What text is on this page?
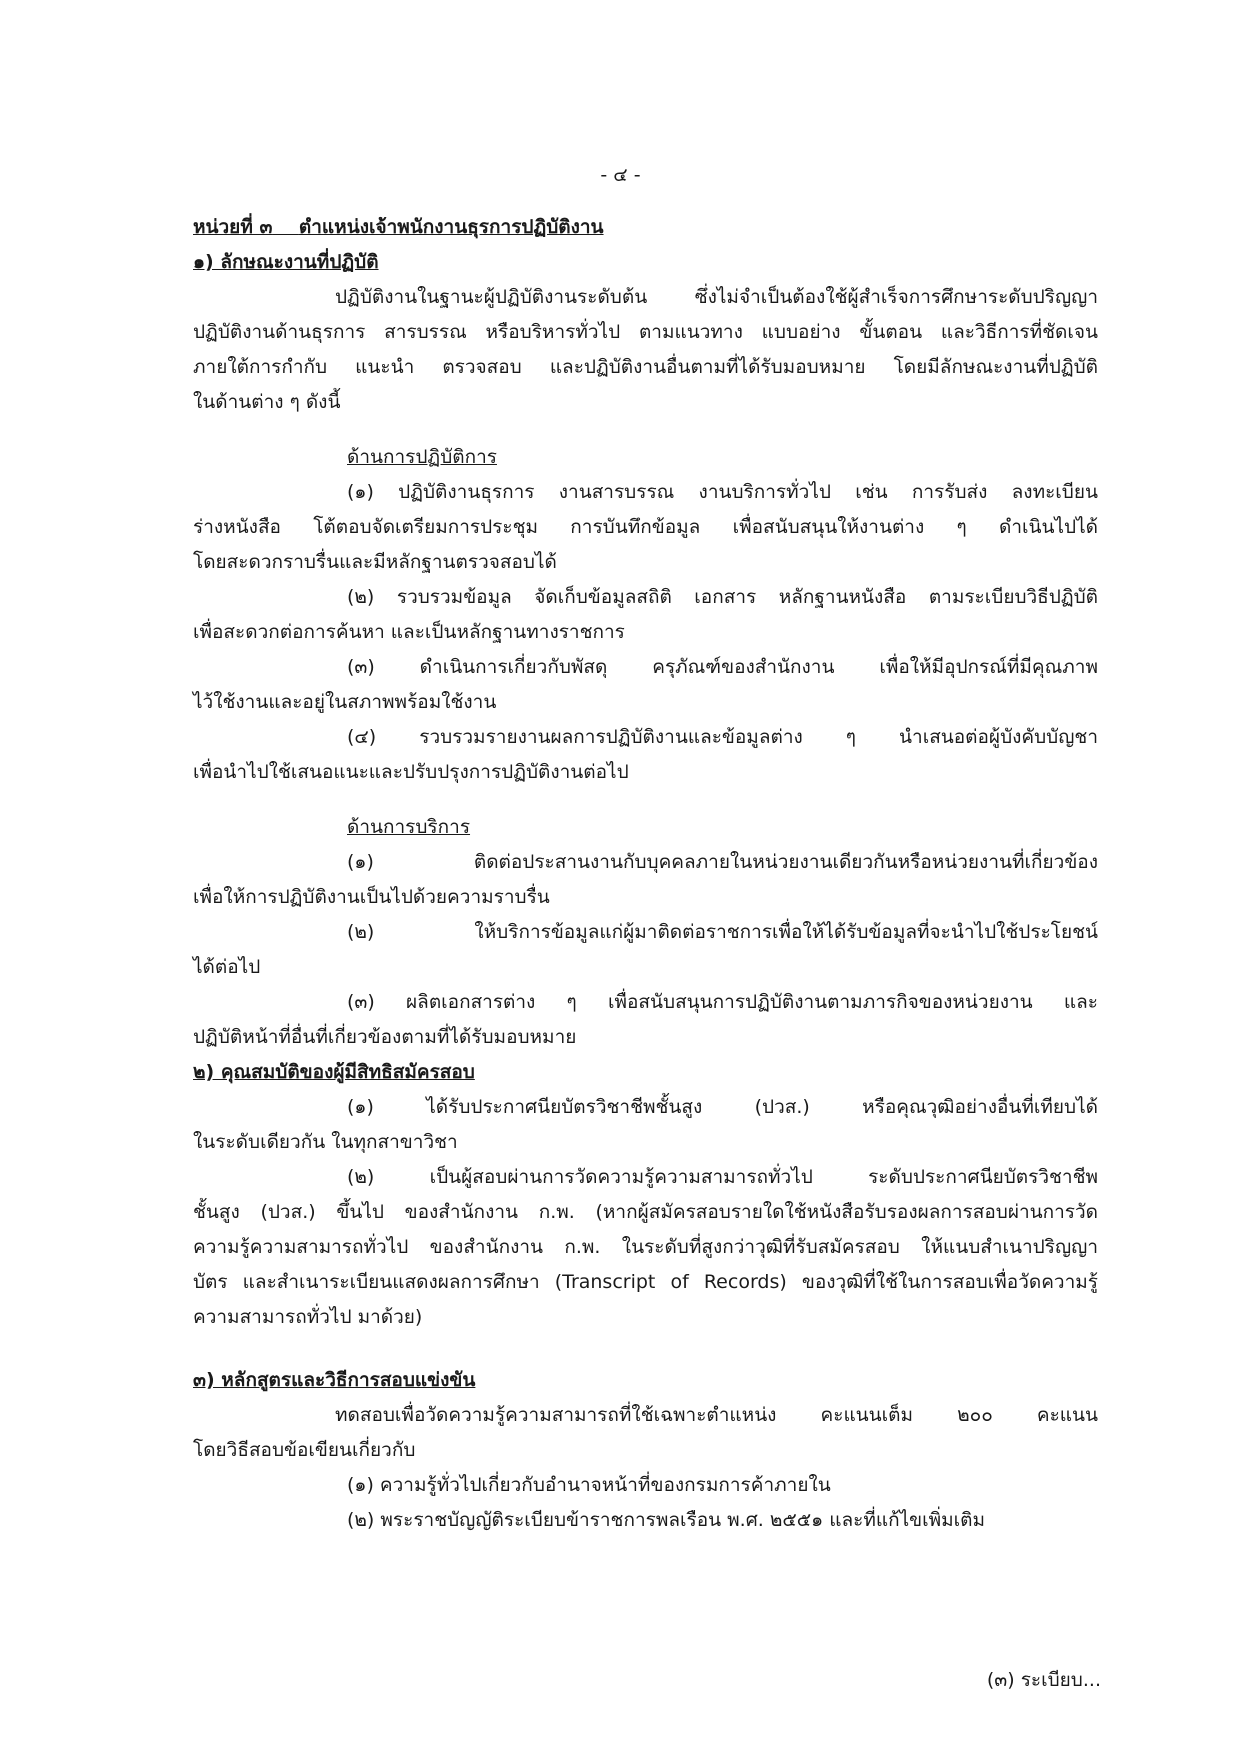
- ๔ -
หน่วยที่ ๓ ตำแหน่งเจ้าพนักงานธุรการปฏิบัติงาน
๑) ลักษณะงานที่ปฏิบัติ
ปฏิบัติงานในฐานะผู้ปฏิบัติงานระดับต้น ซึ่งไม่จำเป็นต้องใช้ผู้สำเร็จการศึกษาระดับปริญญา
ปฏิบัติงานด้านธุรการ สารบรรณ หรือบริหารทั่วไป ตามแนวทาง แบบอย่าง ขั้นตอน และวิธีการที่ชัดเจน
ภายใต้การกำกับ แนะนำ ตรวจสอบ และปฏิบัติงานอื่นตามที่ได้รับมอบหมาย โดยมีลักษณะงานที่ปฏิบัติ
ในด้านต่าง ๆ ดังนี้
ด้านการปฏิบัติการ
(๑) ปฏิบัติงานธุรการ งานสารบรรณ งานบริการทั่วไป เช่น การรับส่ง ลงทะเบียน
ร่างหนังสือ โต้ตอบจัดเตรียมการประชุม การบันทึกข้อมูล เพื่อสนับสนุนให้งานต่าง ๆ ดำเนินไปได้
โดยสะดวกราบรื่นและมีหลักฐานตรวจสอบได้
(๒) รวบรวมข้อมูล จัดเก็บข้อมูลสถิติ เอกสาร หลักฐานหนังสือ ตามระเบียบวิธีปฏิบัติ
เพื่อสะดวกต่อการค้นหา และเป็นหลักฐานทางราชการ
(๓) ดำเนินการเกี่ยวกับพัสดุ ครุภัณฑ์ของสำนักงาน เพื่อให้มีอุปกรณ์ที่มีคุณภาพ
ไว้ใช้งานและอยู่ในสภาพพร้อมใช้งาน
(๔) รวบรวมรายงานผลการปฏิบัติงานและข้อมูลต่าง ๆ นำเสนอต่อผู้บังคับบัญชา
เพื่อนำไปใช้เสนอแนะและปรับปรุงการปฏิบัติงานต่อไป
ด้านการบริการ
(๑) ติดต่อประสานงานกับบุคคลภายในหน่วยงานเดียวกันหรือหน่วยงานที่เกี่ยวข้อง
เพื่อให้การปฏิบัติงานเป็นไปด้วยความราบรื่น
(๒) ให้บริการข้อมูลแก่ผู้มาติดต่อราชการเพื่อให้ได้รับข้อมูลที่จะนำไปใช้ประโยชน์
ได้ต่อไป
(๓) ผลิตเอกสารต่าง ๆ เพื่อสนับสนุนการปฏิบัติงานตามภารกิจของหน่วยงาน และ
ปฏิบัติหน้าที่อื่นที่เกี่ยวข้องตามที่ได้รับมอบหมาย
๒) คุณสมบัติของผู้มีสิทธิสมัครสอบ
(๑) ได้รับประกาศนียบัตรวิชาชีพชั้นสูง (ปวส.) หรือคุณวุฒิอย่างอื่นที่เทียบได้
ในระดับเดียวกัน ในทุกสาขาวิชา
(๒) เป็นผู้สอบผ่านการวัดความรู้ความสามารถทั่วไป ระดับประกาศนียบัตรวิชาชีพ
ชั้นสูง (ปวส.) ขึ้นไป ของสำนักงาน ก.พ. (หากผู้สมัครสอบรายใดใช้หนังสือรับรองผลการสอบผ่านการวัด
ความรู้ความสามารถทั่วไป ของสำนักงาน ก.พ. ในระดับที่สูงกว่าวุฒิที่รับสมัครสอบ ให้แนบสำเนาปริญญา
บัตร และสำเนาระเบียนแสดงผลการศึกษา (Transcript of Records) ของวุฒิที่ใช้ในการสอบเพื่อวัดความรู้
ความสามารถทั่วไป มาด้วย)
๓) หลักสูตรและวิธีการสอบแข่งขัน
ทดสอบเพื่อวัดความรู้ความสามารถที่ใช้เฉพาะตำแหน่ง คะแนนเต็ม ๒๐๐ คะแนน
โดยวิธีสอบข้อเขียนเกี่ยวกับ
(๑) ความรู้ทั่วไปเกี่ยวกับอำนาจหน้าที่ของกรมการค้าภายใน
(๒) พระราชบัญญัติระเบียบข้าราชการพลเรือน พ.ศ. ๒๕๕๑ และที่แก้ไขเพิ่มเติม
(๓) ระเบียบ...
